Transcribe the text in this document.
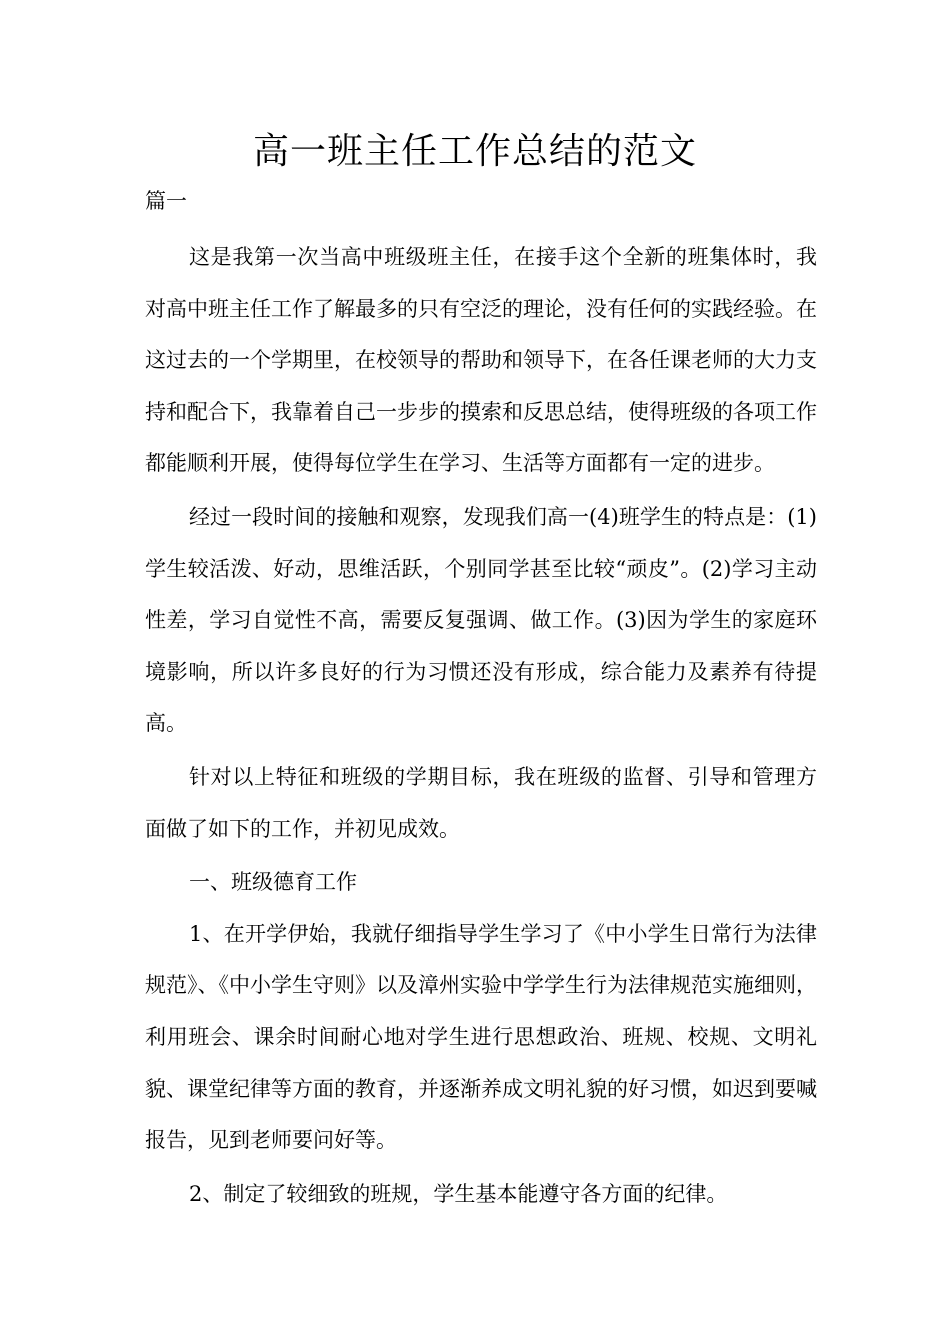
高一班主任工作总结的范文

篇一

这是我第一次当高中班级班主任，在接手这个全新的班集体时，我对高中班主任工作了解最多的只有空泛的理论，没有任何的实践经验。在这过去的一个学期里，在校领导的帮助和领导下，在各任课老师的大力支持和配合下，我靠着自己一步步的摸索和反思总结，使得班级的各项工作都能顺利开展，使得每位学生在学习、生活等方面都有一定的进步。

经过一段时间的接触和观察，发现我们高一(4)班学生的特点是：(1)学生较活泼、好动，思维活跃，个别同学甚至比较“顽皮”。(2)学习主动性差，学习自觉性不高，需要反复强调、做工作。(3)因为学生的家庭环境影响，所以许多良好的行为习惯还没有形成，综合能力及素养有待提高。

针对以上特征和班级的学期目标，我在班级的监督、引导和管理方面做了如下的工作，并初见成效。

一、班级德育工作

1、在开学伊始，我就仔细指导学生学习了《中小学生日常行为法律规范》、《中小学生守则》以及漳州实验中学学生行为法律规范实施细则，利用班会、课余时间耐心地对学生进行思想政治、班规、校规、文明礼貌、课堂纪律等方面的教育，并逐渐养成文明礼貌的好习惯，如迟到要喊报告，见到老师要问好等。

2、制定了较细致的班规，学生基本能遵守各方面的纪律。
